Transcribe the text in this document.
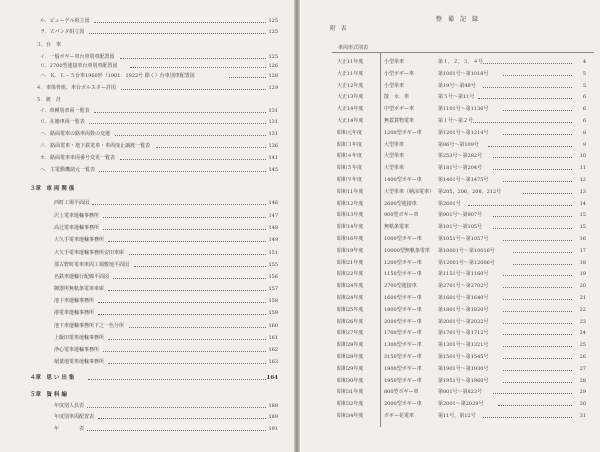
ル．ビューゲル組立図	125
ヲ．Ｚパンタ組立図	125
３．台　車
イ．一般ボギー車台車別車配置図	125
ロ．2700型連接車台車別車配置図	126
ハ．Ｋ．Ｌ－５台車1960形（1901．1922号 除く）台車別車配置図	128
４．車体骨組、車台ボルスター詳図	129
５．統　計
イ．車種別車両一覧表	131
ロ．在籍車両一覧表	131
ハ．路面電車の路車両数の変遷	131
ニ．路面電車・地下鉄電車・車両廃止譲渡一覧表	136
ホ．路面電車車両番号変更一覧表	141
ヘ．主電動機諸元一覧表	145
３章　車 両 関 係
西町工場平面図	146
沢上電車運輸事務所	147
高辻電車運輸事務所	148
大久手電車運輸事務所	149
大久手電車運輸事務所安田車庫	151
那古野町電車車両工場敷地平面図	155
名鉄車運輸行配線平面図	156
御器所無軌条電車車庫	157
池下車運輸事務所	158
港電車運輸事務所	159
池下車運輸事務所下之一色分所	160
上飯田電車運輸事務所	161
浄心電車運輸事務所	162
稲葉地電車運輸事務所	163
４章　思 い 出 集	164
５章　資 料 編
年度別人員表	188
年度別車両配置表	189
年　　　　表	191
整　備　記　録
附　表
車両形式別表
大正11年度	小型単車	第１，２，３，４号	4
大正11年度	小型ボギー車	第1001号～第1018号	5
大正12年度	小型単車	第19号～第48号	5
大正13年度	散　水　車	第５号～第11号	6
大正14年度	中型ボギー車	第1101号～第1136号	6
大正14年度	無蓋貨物電車	第１号～第２号	6
昭和元年度	1200型ボギー車	第1201号～第1214号	8
昭和３年度	大型単車	第86号～第109号	9
昭和４年度	大型単車	第253号～第282号	10
昭和５年度	大型単車	第181号～第204号	11
昭和９年度	1400型ボギー車	第1401号～第1475号	12
昭和11年度	大型単車（納涼電車） 第205，206，208，212号	13
昭和12年度	2600型連接車	第2601号	14
昭和13年度	900型ボギー車	第901号～第907号	15
昭和14年度	無軌条電車	第101号～第105号	15
昭和16年度	1000型ボギー車	第1051号～第1057号	16
昭和19年度	10000型無軌条電車 第10001号～第10016号	17
昭和21年度	1200型ボギー車	第12001号～第12006号	18
昭和22年度	1150型ボギー車	第1151号～第1160号	19
昭和24年度	2700型連接車	第2701号～第2702号	20
昭和24年度	1600型ボギー車	第1601号～第1640号	21
昭和25年度	1800型ボギー車	第1801号～第1820号	22
昭和26年度	2000型ボギー車	第2001号～第2022号	23
昭和27年度	1700型ボギー車	第1701号～第1712号	24
昭和28年度	1300型ボギー車	第1301号～第1321号	25
昭和28年度	3150型ボギー車	第1501号～第1545号	26
昭和29年度	1900型ボギー車	第1901号～第1930号	27
昭和30年度	1950型ボギー車	第1951号～第1960号	28
昭和31年度	800型ボギー車	第801号～第823号	29
昭和32年度	2000型ボギー車	第2001～第2029号	30
昭和34年度	ボギー花電車	第11号，第12号	31
